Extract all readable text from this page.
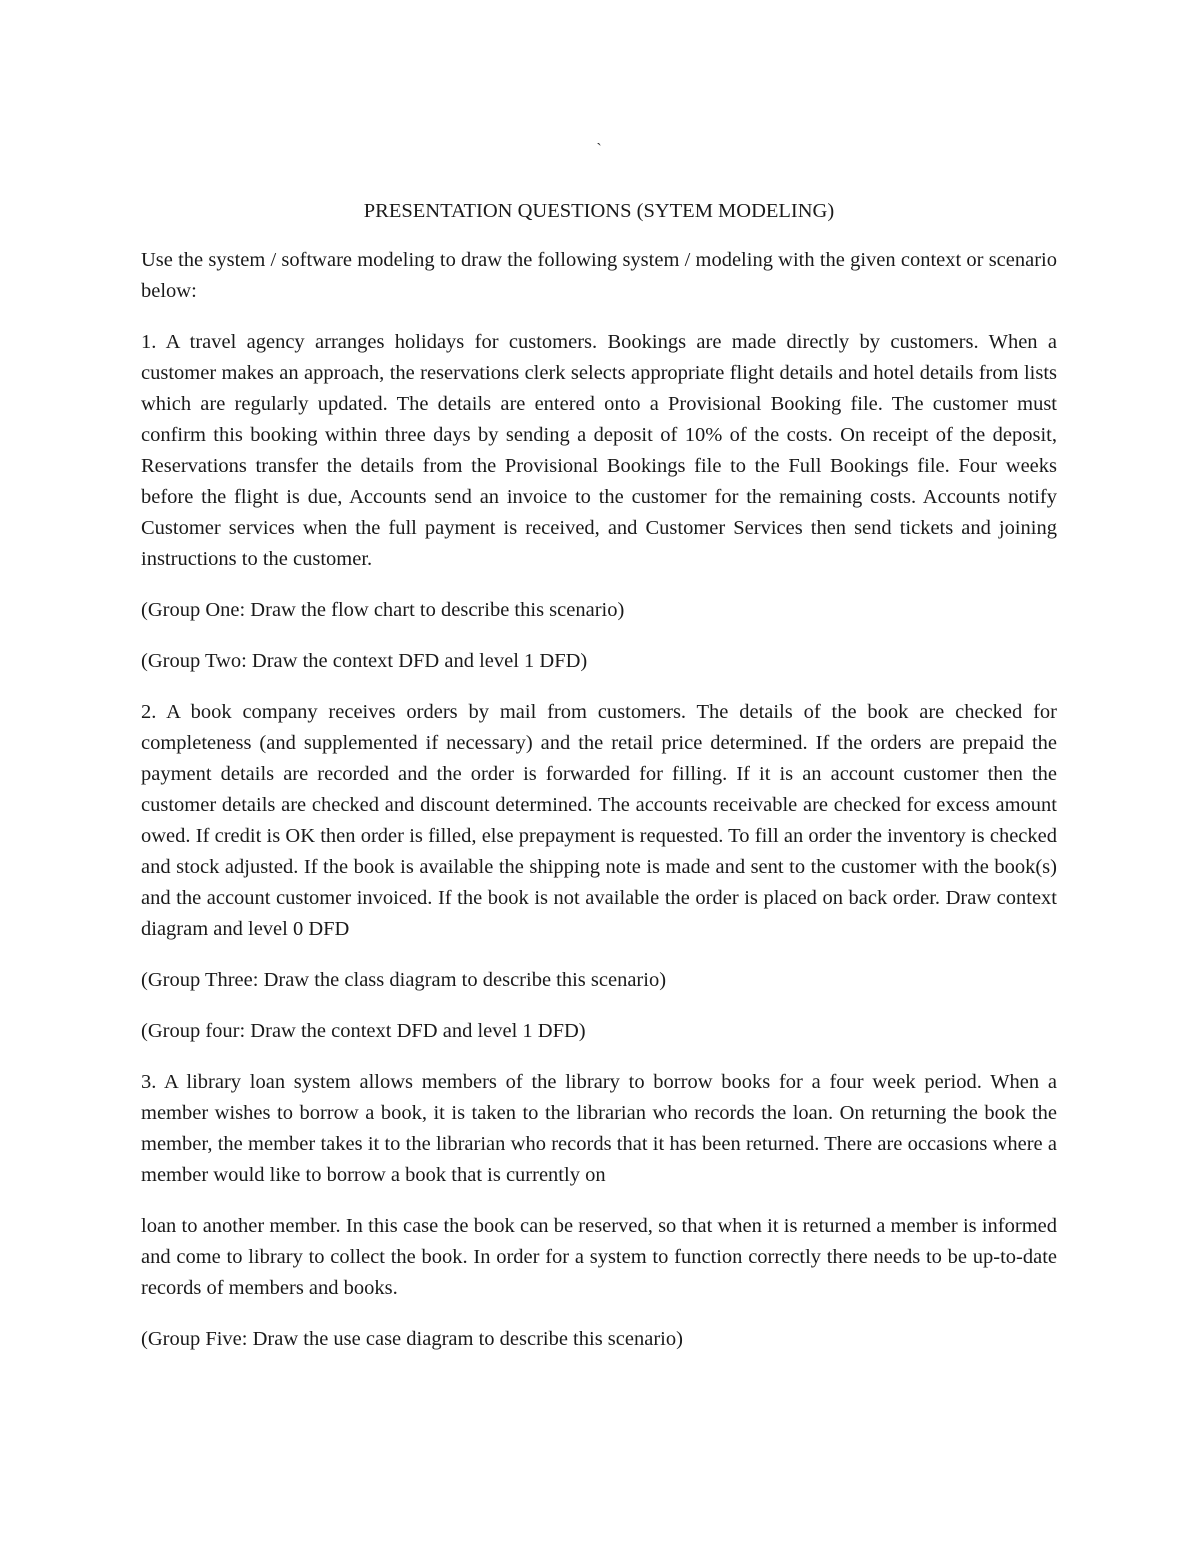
`
PRESENTATION QUESTIONS (SYTEM MODELING)

Use the system / software modeling to draw the following system / modeling with the given context or scenario below:

1. A travel agency arranges holidays for customers. Bookings are made directly by customers. When a customer makes an approach, the reservations clerk selects appropriate flight details and hotel details from lists which are regularly updated. The details are entered onto a Provisional Booking file. The customer must confirm this booking within three days by sending a deposit of 10% of the costs. On receipt of the deposit, Reservations transfer the details from the Provisional Bookings file to the Full Bookings file. Four weeks before the flight is due, Accounts send an invoice to the customer for the remaining costs. Accounts notify Customer services when the full payment is received, and Customer Services then send tickets and joining instructions to the customer.

(Group One: Draw the flow chart to describe this scenario)

(Group Two: Draw the context DFD and level 1 DFD)

2. A book company receives orders by mail from customers. The details of the book are checked for completeness (and supplemented if necessary) and the retail price determined. If the orders are prepaid the payment details are recorded and the order is forwarded for filling. If it is an account customer then the customer details are checked and discount determined. The accounts receivable are checked for excess amount owed. If credit is OK then order is filled, else prepayment is requested. To fill an order the inventory is checked and stock adjusted. If the book is available the shipping note is made and sent to the customer with the book(s) and the account customer invoiced. If the book is not available the order is placed on back order. Draw context diagram and level 0 DFD

(Group Three: Draw the class diagram to describe this scenario)

(Group four: Draw the context DFD and level 1 DFD)

3. A library loan system allows members of the library to borrow books for a four week period. When a member wishes to borrow a book, it is taken to the librarian who records the loan. On returning the book the member, the member takes it to the librarian who records that it has been returned. There are occasions where a member would like to borrow a book that is currently on

loan to another member. In this case the book can be reserved, so that when it is returned a member is informed and come to library to collect the book. In order for a system to function correctly there needs to be up-to-date records of members and books.

(Group Five: Draw the use case diagram to describe this scenario)
